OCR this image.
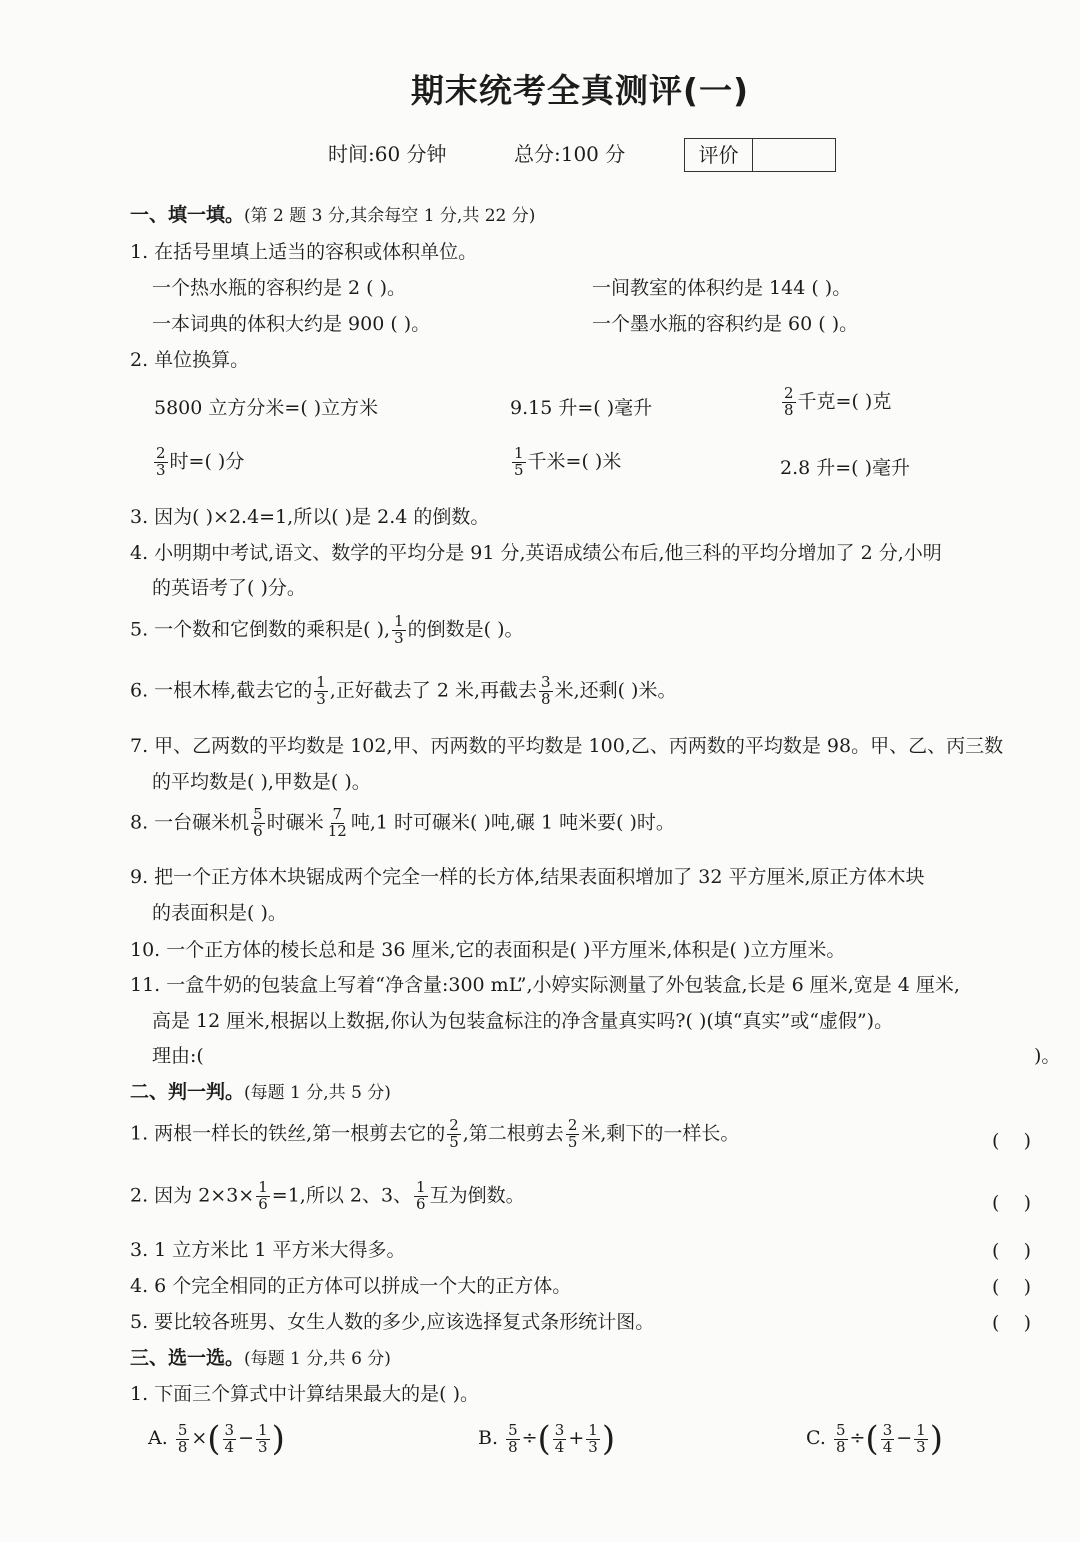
期末统考全真测评(一)
时间:60 分钟	总分:100 分	评价
一、填一填。(第 2 题 3 分,其余每空 1 分,共 22 分)
1. 在括号里填上适当的容积或体积单位。
一个热水瓶的容积约是 2 ( )。	一间教室的体积约是 144 ( )。
一本词典的体积大约是 900 ( )。	一个墨水瓶的容积约是 60 ( )。
2. 单位换算。
5800 立方分米=( )立方米	9.15 升=( )毫升	$\frac{2}{8}$ 千克=( )克
$\frac{2}{3}$ 时=( )分	$\frac{1}{5}$ 千米=( )米	2.8 升=( )毫升
3. 因为( )×2.4=1,所以( )是 2.4 的倒数。
4. 小明期中考试,语文、数学的平均分是 91 分,英语成绩公布后,他三科的平均分增加了 2 分,小明
的英语考了( )分。
5. 一个数和它倒数的乘积是( ), $\frac{1}{3}$ 的倒数是( )。
6. 一根木棒,截去它的 $\frac{1}{3}$ ,正好截去了 2 米,再截去 $\frac{3}{8}$ 米,还剩( )米。
7. 甲、乙两数的平均数是 102,甲、丙两数的平均数是 100,乙、丙两数的平均数是 98。甲、乙、丙三数
的平均数是( ),甲数是( )。
8. 一台碾米机 $\frac{5}{6}$ 时碾米 $\frac{7}{12}$ 吨,1 时可碾米( )吨,碾 1 吨米要( )时。
9. 把一个正方体木块锯成两个完全一样的长方体,结果表面积增加了 32 平方厘米,原正方体木块
的表面积是( )。
10. 一个正方体的棱长总和是 36 厘米,它的表面积是( )平方厘米,体积是( )立方厘米。
11. 一盒牛奶的包装盒上写着“净含量:300 mL”,小婷实际测量了外包装盒,长是 6 厘米,宽是 4 厘米,
高是 12 厘米,根据以上数据,你认为包装盒标注的净含量真实吗?( )(填“真实”或“虚假”)。
理由:(	)。
二、判一判。(每题 1 分,共 5 分)
1. 两根一样长的铁丝,第一根剪去它的 $\frac{2}{5}$ ,第二根剪去 $\frac{2}{5}$ 米,剩下的一样长。	(    )
2. 因为 $2\times 3\times \frac{1}{6} =1$,所以 2、3、 $\frac{1}{6}$ 互为倒数。	(    )
3. 1 立方米比 1 平方米大得多。	(    )
4. 6 个完全相同的正方体可以拼成一个大的正方体。	(    )
5. 要比较各班男、女生人数的多少,应该选择复式条形统计图。	(    )
三、选一选。(每题 1 分,共 6 分)
1. 下面三个算式中计算结果最大的是( )。
A. $\frac{5}{8}$ ×( $\frac{3}{4} - \frac{1}{3}$ )	B. $\frac{5}{8}$ ÷( $\frac{3}{4} + \frac{1}{3}$ )	C. $\frac{5}{8}$ ÷( $\frac{3}{4} - \frac{1}{3}$ )
